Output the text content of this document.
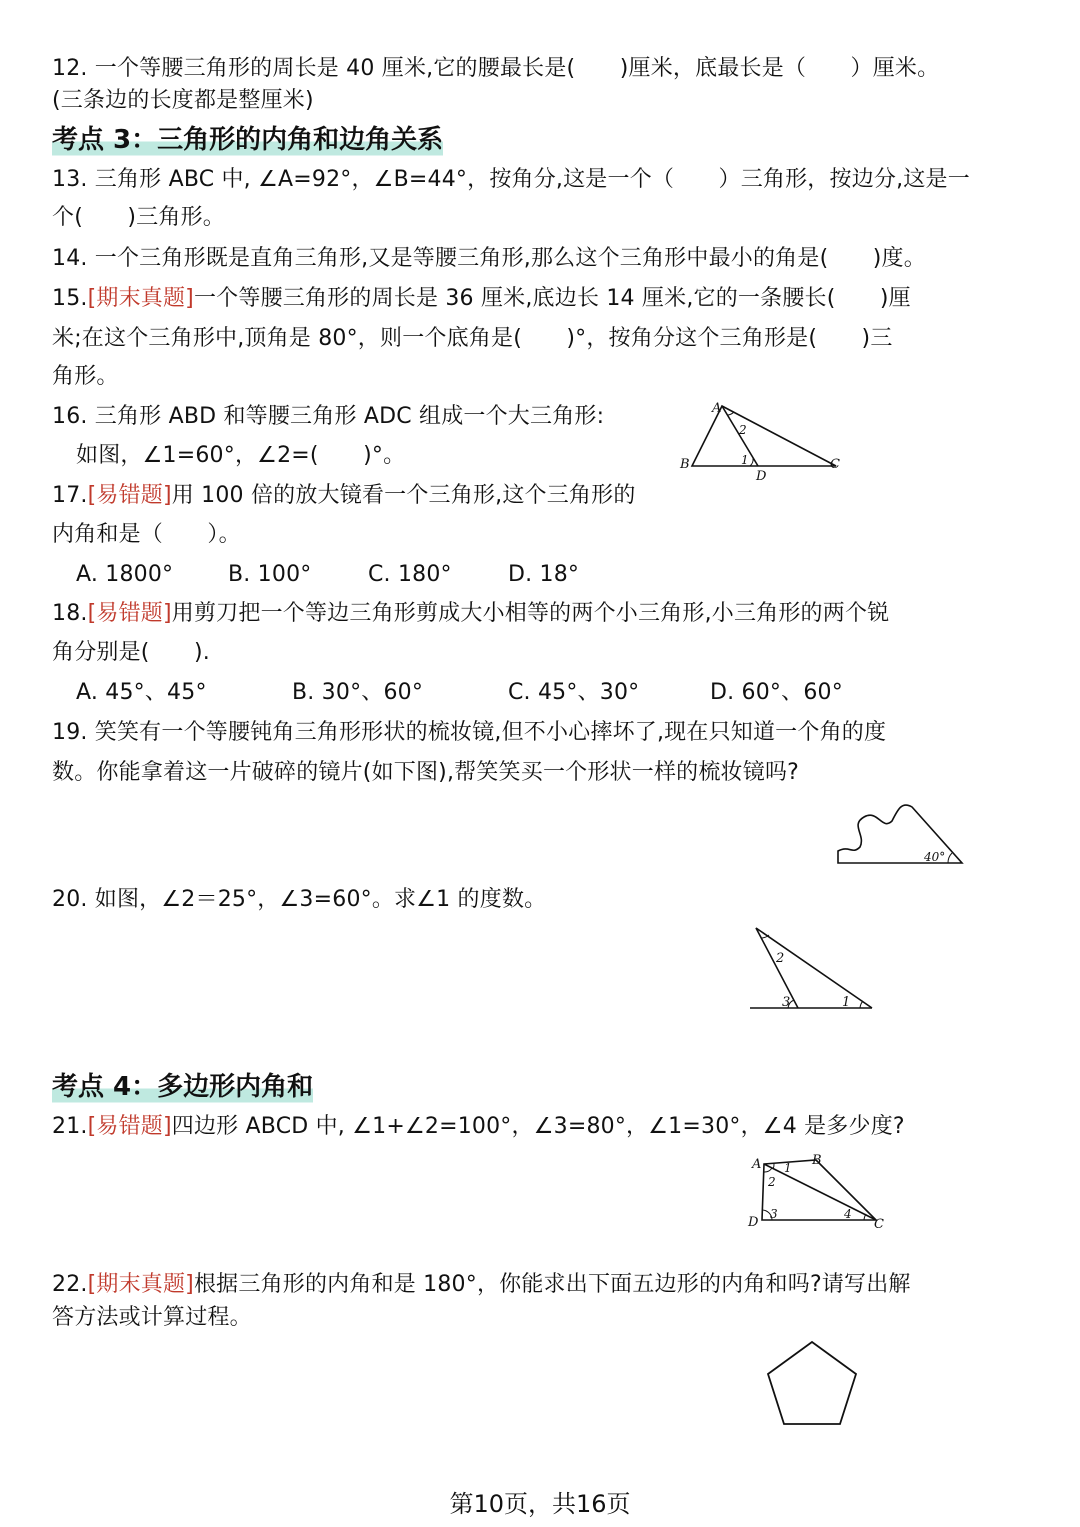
12. 一个等腰三角形的周长是 40 厘米,它的腰最长是(　　)厘米，底最长是（　　）厘米。
(三条边的长度都是整厘米)
考点 3：三角形的内角和边角关系
13. 三角形 ABC 中, ∠A=92°，∠B=44°，按角分,这是一个（　　）三角形，按边分,这是一
个(　　)三角形。
14. 一个三角形既是直角三角形,又是等腰三角形,那么这个三角形中最小的角是(　　)度。
15.[期末真题]一个等腰三角形的周长是 36 厘米,底边长 14 厘米,它的一条腰长(　　)厘
米;在这个三角形中,顶角是 80°，则一个底角是(　　)°，按角分这个三角形是(　　)三
角形。
16. 三角形 ABD 和等腰三角形 ADC 组成一个大三角形:
如图，∠1=60°，∠2=(　　)°。
A
B	C
D
1
2
17.[易错题]用 100 倍的放大镜看一个三角形,这个三角形的
内角和是（　　）。
A. 1800° B. 100°	C. 180°	D. 18°
18.[易错题]用剪刀把一个等边三角形剪成大小相等的两个小三角形,小三角形的两个锐
角分别是(　　).
A. 45°、45°	B. 30°、60°	C. 45°、30°	D. 60°、60°
19. 笑笑有一个等腰钝角三角形形状的梳妆镜,但不小心摔坏了,现在只知道一个角的度
数。你能拿着这一片破碎的镜片(如下图),帮笑笑买一个形状一样的梳妆镜吗?
40°
20. 如图，∠2＝25°，∠3=60°。求∠1 的度数。
2
3	1
考点 4：多边形内角和
21.[易错题]四边形 ABCD 中, ∠1+∠2=100°，∠3=80°，∠1=30°，∠4 是多少度?
A	B
C
D
1
2
3	4
22.[期末真题]根据三角形的内角和是 180°，你能求出下面五边形的内角和吗?请写出解
答方法或计算过程。
第10页，共16页
